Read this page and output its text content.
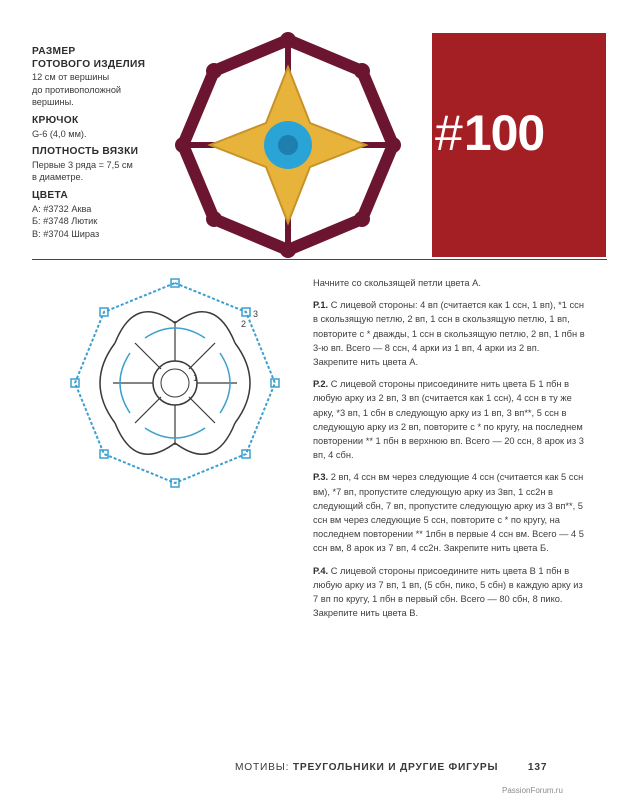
РАЗМЕР
ГОТОВОГО ИЗДЕЛИЯ

12 см от вершины
до противоположной
вершины.

КРЮЧОК

G-6 (4,0 мм).

ПЛОТНОСТЬ ВЯЗКИ

Первые 3 ряда = 7,5 см
в диаметре.

ЦВЕТА

А: #3732 Аква
Б: #3748 Лютик
В: #3704 Шираз

#100
1
2
3

Начните со скользящей петли цвета А.

Р.1. С лицевой стороны: 4 вп (считается как 1 ссн, 1 вп), *1 ссн в скользящую петлю, 2 вп, 1 ссн в скользящую петлю, 1 вп, повторите с * дважды, 1 ссн в скользящую петлю, 2 вп, 1 пбн в 3-ю вп. Всего — 8 ссн, 4 арки из 1 вп, 4 арки из 2 вп. Закрепите нить цвета А.

Р.2. С лицевой стороны присоедините нить цвета Б 1 пбн в любую арку из 2 вп, 3 вп (считается как 1 ссн), 4 ссн в ту же арку, *3 вп, 1 сбн в следующую арку из 1 вп, 3 вп**, 5 ссн в следующую арку из 2 вп, повторите с * по кругу, на последнем повторении ** 1 пбн в верхнюю вп. Всего — 20 ссн, 8 арок из 3 вп, 4 сбн.

Р.3. 2 вп, 4 ссн вм через следующие 4 ссн (считается как 5 ссн вм), *7 вп, пропустите следующую арку из 3вп, 1 сс2н в следующий сбн, 7 вп, пропустите следующую арку из 3 вп**, 5 ссн вм через следующие 5 ссн, повторите с * по кругу, на последнем повторении ** 1пбн в первые 4 ссн вм. Всего — 4 5 ссн вм, 8 арок из 7 вп, 4 сс2н. Закрепите нить цвета Б.

Р.4. С лицевой стороны присоедините нить цвета В 1 пбн в любую арку из 7 вп, 1 вп, (5 сбн, пико, 5 сбн) в каждую арку из 7 вп по кругу, 1 пбн в первый сбн. Всего — 80 сбн, 8 пико. Закрепите нить цвета В.

МОТИВЫ: ТРЕУГОЛЬНИКИ И ДРУГИЕ ФИГУРЫ	137
PassionForum.ru
